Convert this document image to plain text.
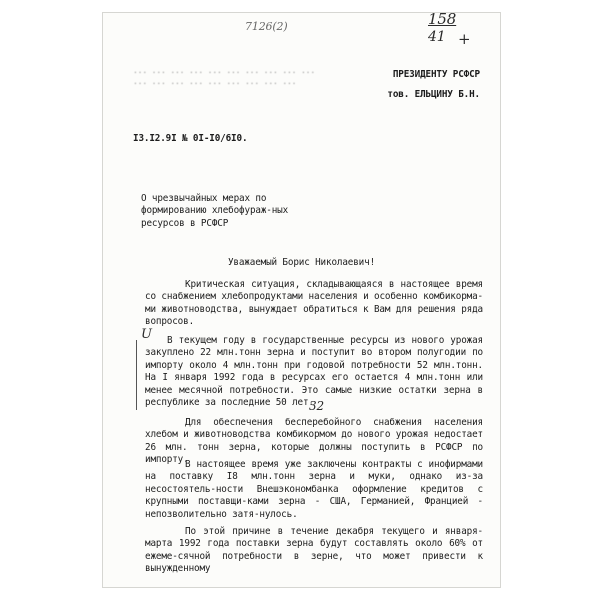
7126(2)	158
41 +
... ... ... ... ... ... ... ... ... ...
... ... ... ... ... ... ... ... ...
ПРЕЗИДЕНТУ РСФСР
тов. ЕЛЬЦИНУ Б.Н.
I3.I2.9I № 0I-I0/6I0.
О чрезвычайных мерах по формированию хлебофураж-ных ресурсов в РСФСР
Уважаемый Борис Николаевич!
Критическая ситуация, складывающаяся в настоящее время со снабжением хлебопродуктами населения и особенно комбикорма-ми животноводства, вынуждает обратиться к Вам для решения ряда вопросов.
U	В текущем году в государственные ресурсы из нового урожая закуплено 22 млн.тонн зерна и поступит во втором полугодии по импорту около 4 млн.тонн при годовой потребности 52 млн.тонн. На I января 1992 года в ресурсах его остается 4 млн.тонн или менее месячной потребности. Это самые низкие остатки зерна в республике за последние 50 лет.
32
Для обеспечения бесперебойного снабжения населения хлебом и животноводства комбикормом до нового урожая недостает 26 млн. тонн зерна, которые должны поступить в РСФСР по импорту.
В настоящее время уже заключены контракты с инофирмами на поставку I8 млн.тонн зерна и муки, однако из-за несостоятель-ности Внешэкономбанка оформление кредитов с крупными поставщи-ками зерна - США, Германией, Францией - непозволительно затя-нулось.
По этой причине в течение декабря текущего и января-марта 1992 года поставки зерна будут составлять около 60% от ежеме-сячной потребности в зерне, что может привести к вынужденному
